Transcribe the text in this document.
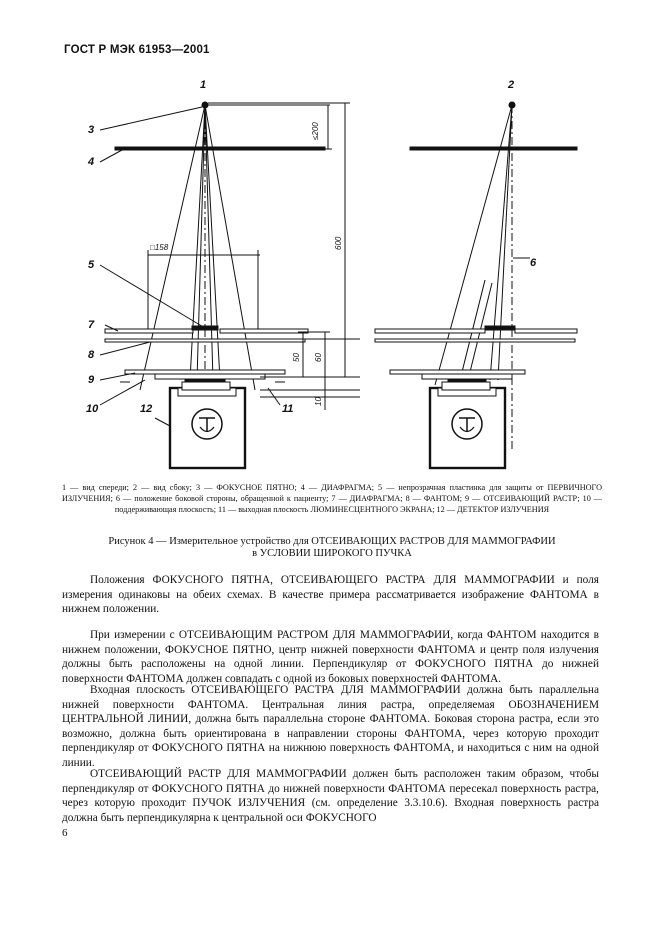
ГОСТ Р МЭК 61953—2001
1	2
3
4
5	6
7
8
9
10	11
12
□158
≤200
600
50 60
10
1 — вид спереди; 2 — вид сбоку; 3 — ФОКУСНОЕ ПЯТНО; 4 — ДИАФРАГМА; 5 — непрозрачная пластинка для защиты от ПЕРВИЧНОГО ИЗЛУЧЕНИЯ; 6 — положение боковой стороны, обращенной к пациенту; 7 — ДИАФРАГМА; 8 — ФАНТОМ; 9 — ОТСЕИВАЮЩИЙ РАСТР; 10 — поддерживающая плоскость; 11 — выходная плоскость ЛЮМИНЕСЦЕНТНОГО ЭКРАНА; 12 — ДЕТЕКТОР ИЗЛУЧЕНИЯ
Рисунок 4 — Измерительное устройство для ОТСЕИВАЮЩИХ РАСТРОВ ДЛЯ МАММОГРАФИИ
в УСЛОВИИ ШИРОКОГО ПУЧКА

Положения ФОКУСНОГО ПЯТНА, ОТСЕИВАЮЩЕГО РАСТРА ДЛЯ МАММОГРАФИИ и поля измерения одинаковы на обеих схемах. В качестве примера рассматривается изображение ФАНТОМА в нижнем положении.

При измерении с ОТСЕИВАЮЩИМ РАСТРОМ ДЛЯ МАММОГРАФИИ, когда ФАНТОМ находится в нижнем положении, ФОКУСНОЕ ПЯТНО, центр нижней поверхности ФАНТОМА и центр поля излучения должны быть расположены на одной линии. Перпендикуляр от ФОКУСНОГО ПЯТНА до нижней поверхности ФАНТОМА должен совпадать с одной из боковых поверхностей ФАНТОМА.

Входная плоскость ОТСЕИВАЮЩЕГО РАСТРА ДЛЯ МАММОГРАФИИ должна быть параллельна нижней поверхности ФАНТОМА. Центральная линия растра, определяемая ОБОЗНАЧЕНИЕМ ЦЕНТРАЛЬНОЙ ЛИНИИ, должна быть параллельна стороне ФАНТОМА. Боковая сторона растра, если это возможно, должна быть ориентирована в направлении стороны ФАНТОМА, через которую проходит перпендикуляр от ФОКУСНОГО ПЯТНА на нижнюю поверхность ФАНТОМА, и находиться с ним на одной линии.

ОТСЕИВАЮЩИЙ РАСТР ДЛЯ МАММОГРАФИИ должен быть расположен таким образом, чтобы перпендикуляр от ФОКУСНОГО ПЯТНА до нижней поверхности ФАНТОМА пересекал поверхность растра, через которую проходит ПУЧОК ИЗЛУЧЕНИЯ (см. определение 3.3.10.6). Входная поверхность растра должна быть перпендикулярна к центральной оси ФОКУСНОГО

6
